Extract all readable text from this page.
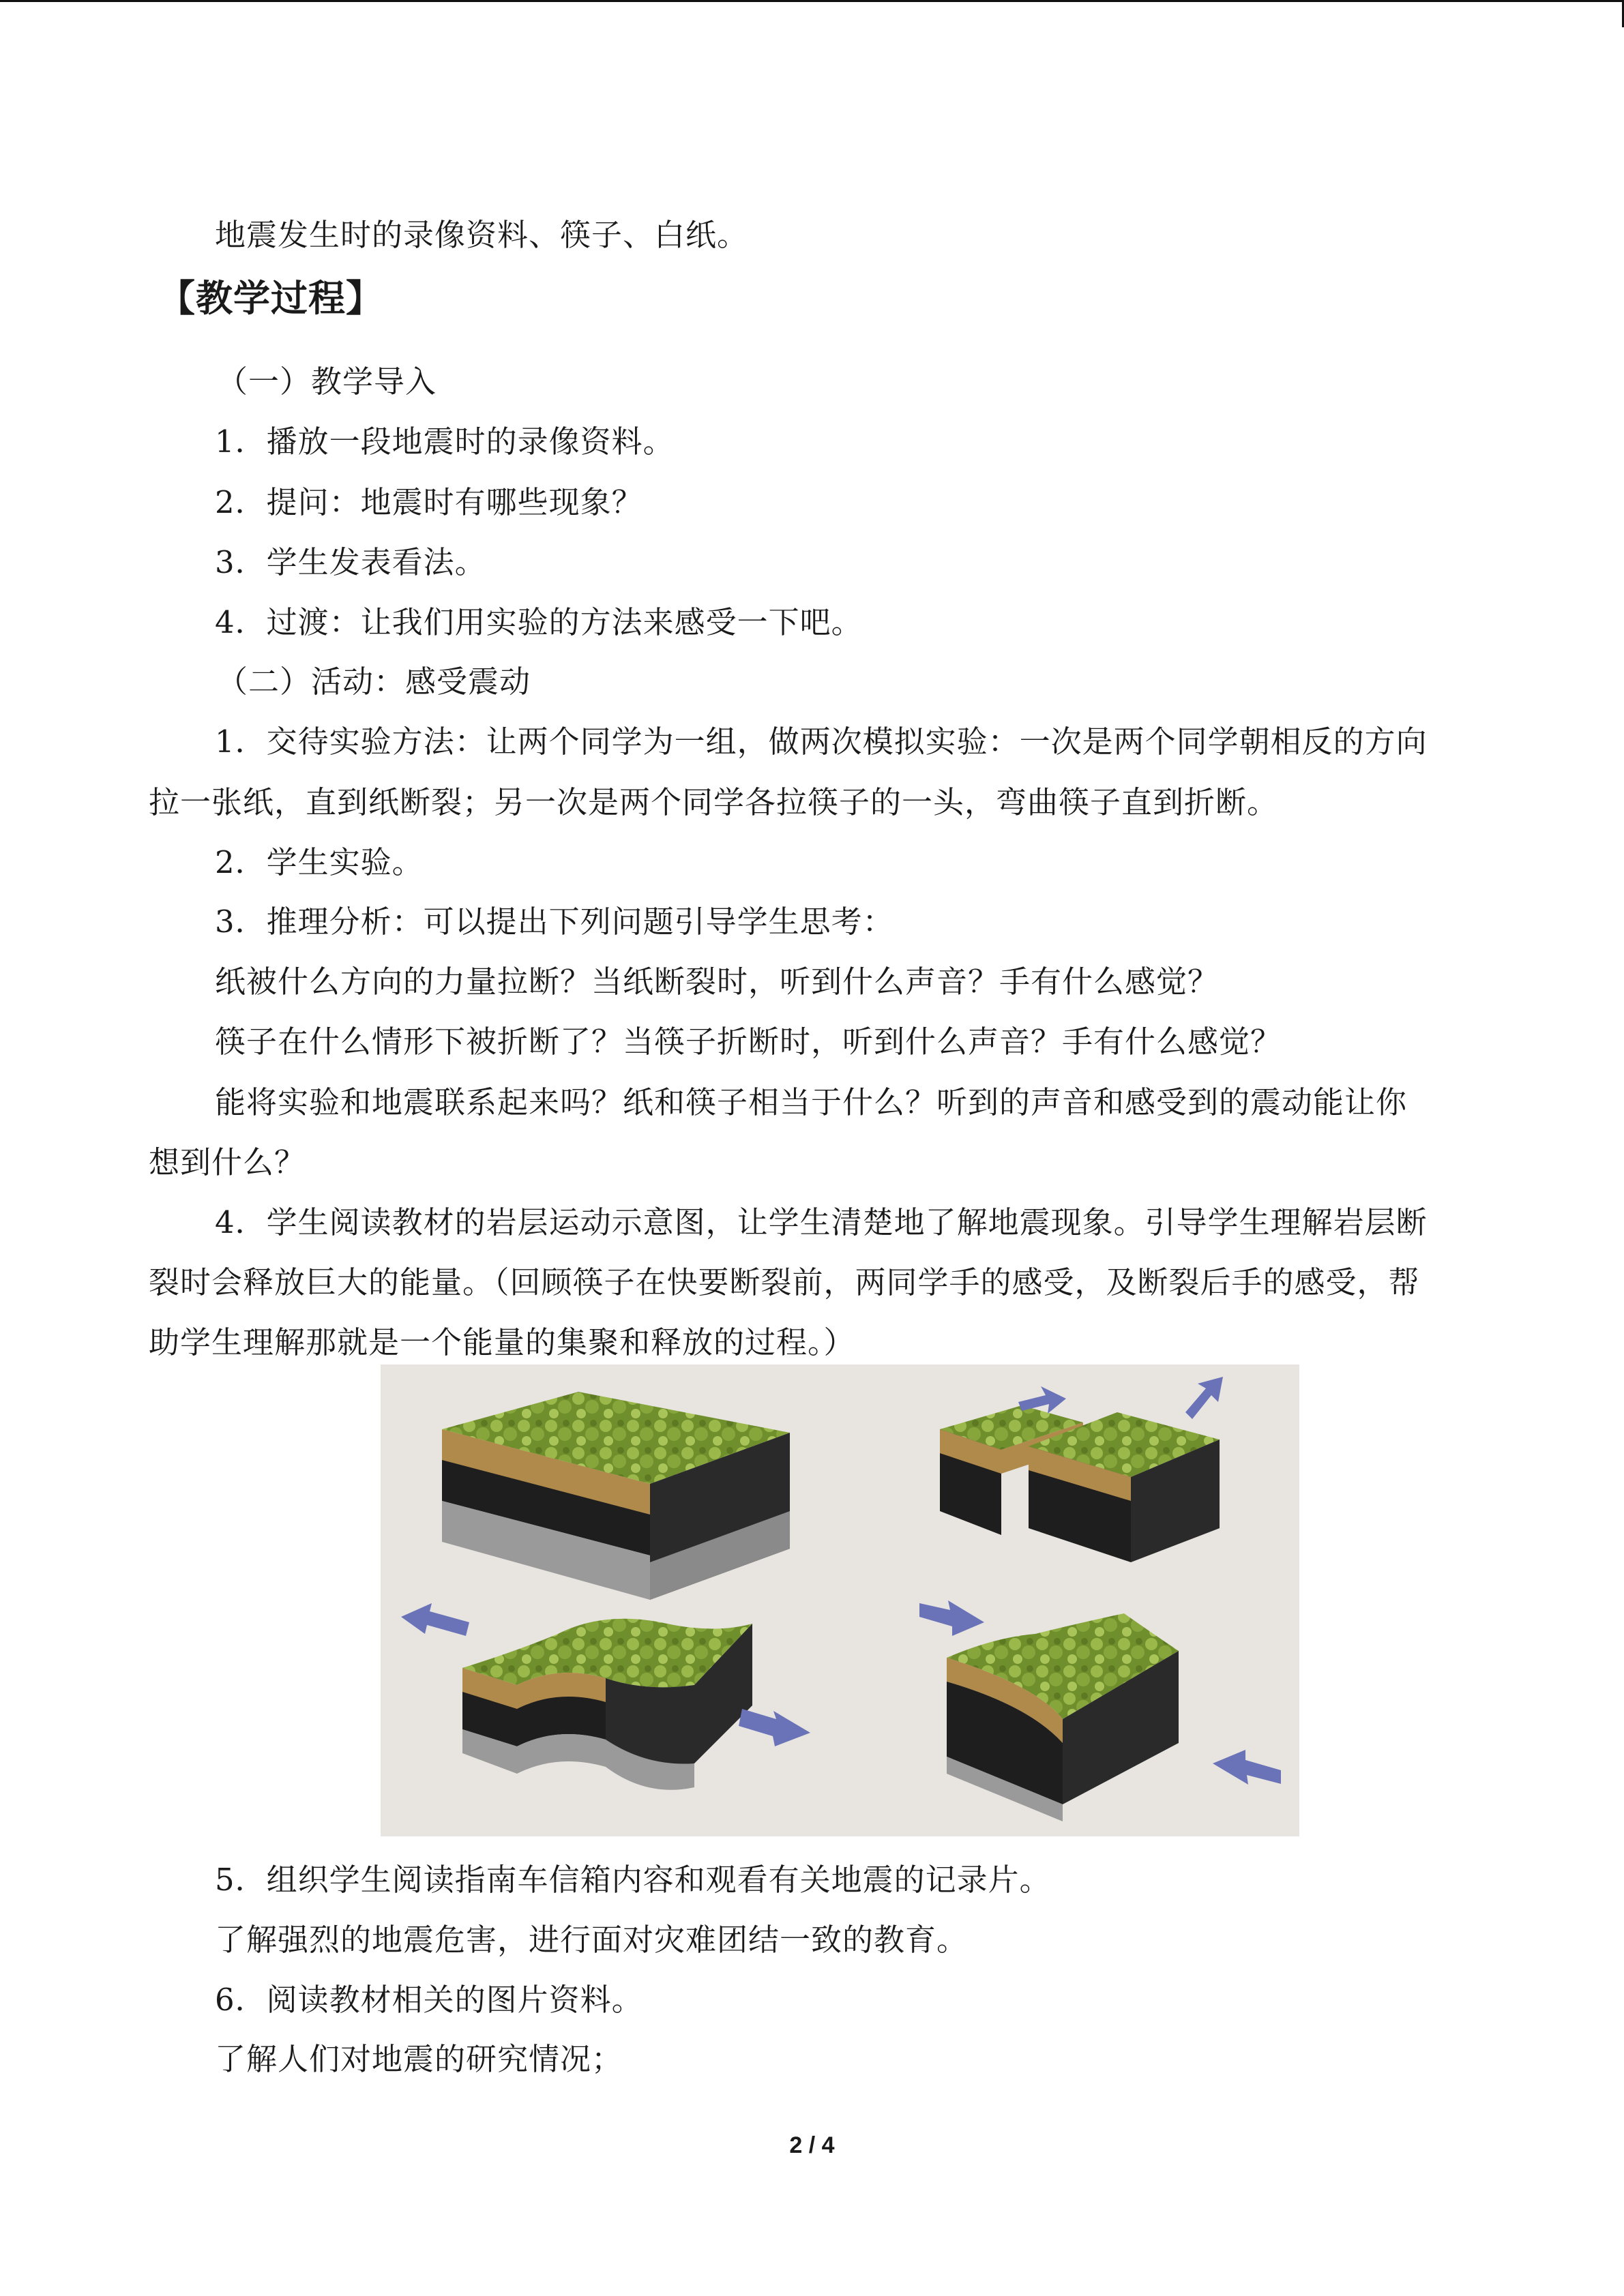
地震发生时的录像资料、筷子、白纸。
【教学过程】
（一）教学导入
1．播放一段地震时的录像资料。
2．提问：地震时有哪些现象？
3．学生发表看法。
4．过渡：让我们用实验的方法来感受一下吧。
（二）活动：感受震动
1．交待实验方法：让两个同学为一组，做两次模拟实验：一次是两个同学朝相反的方向
拉一张纸，直到纸断裂；另一次是两个同学各拉筷子的一头，弯曲筷子直到折断。
2．学生实验。
3．推理分析：可以提出下列问题引导学生思考：
纸被什么方向的力量拉断？当纸断裂时，听到什么声音？手有什么感觉？
筷子在什么情形下被折断了？当筷子折断时，听到什么声音？手有什么感觉？
能将实验和地震联系起来吗？纸和筷子相当于什么？听到的声音和感受到的震动能让你
想到什么？
4．学生阅读教材的岩层运动示意图，让学生清楚地了解地震现象。引导学生理解岩层断
裂时会释放巨大的能量。（回顾筷子在快要断裂前，两同学手的感受，及断裂后手的感受，帮
助学生理解那就是一个能量的集聚和释放的过程。）
5．组织学生阅读指南车信箱内容和观看有关地震的记录片。
了解强烈的地震危害，进行面对灾难团结一致的教育。
6．阅读教材相关的图片资料。
了解人们对地震的研究情况；
2 / 4
